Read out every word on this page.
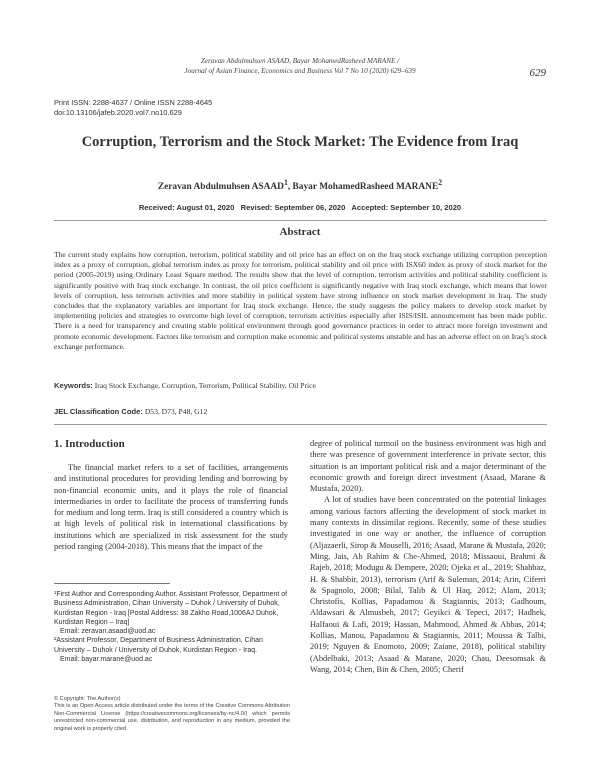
Zeravan Abdulmuhsen ASAAD, Bayar MohamedRasheed MARANE /
Journal of Asian Finance, Economics and Business Vol 7 No 10 (2020) 629–639	629
Print ISSN: 2288-4637 / Online ISSN 2288-4645
doi:10.13106/jafeb.2020.vol7.no10.629
Corruption, Terrorism and the Stock Market: The Evidence from Iraq
Zeravan Abdulmuhsen ASAAD$^1$, Bayar MohamedRasheed MARANE$^2$
Received: August 01, 2020   Revised: September 06, 2020   Accepted: September 10, 2020
Abstract
The current study explains how corruption, terrorism, political stability and oil price has an effect on on the Iraq stock exchange utilizing corruption perception index as a proxy of corruption, global terrorism index as proxy for terrorism, political stability and oil price with ISX60 index as proxy of stock market for the period (2005-2019) using Ordinary Least Square method. The results show that the level of corruption, terrorism activities and political stability coefficient is significantly positive with Iraq stock exchange. In contrast, the oil price coefficient is significantly negative with Iraq stock exchange, which means that lower levels of corruption, less terrorism activities and more stability in political system have strong influence on stock market development in Iraq. The study concludes that the explanatory variables are important for Iraq stock exchange. Hence, the study suggests the policy makers to develop stock market by implementing policies and strategies to overcome high level of corruption, terrorism activities especially after ISIS/ISIL announcement has been made public. There is a need for transparency and creating stable political environment through good governance practices in order to attract more foreign investment and promote economic development. Factors like terrorism and corruption make economic and political systems unstable and has an adverse effect on on Iraq’s stock exchange performance.
Keywords: Iraq Stock Exchange, Corruption, Terrorism, Political Stability, Oil Price
JEL Classification Code: D53, D73, P48, G12
1. Introduction

The financial market refers to a set of facilities, arrangements and institutional procedures for providing lending and borrowing by non-financial economic units, and it plays the role of financial intermediaries in order to facilitate the process of transferring funds for medium and long term. Iraq is still considered a country which is at high levels of political risk in international classifications by institutions which are specialized in risk assessment for the study period ranging (2004-2018). This means that the impact of the

degree of political turmoil on the business environment was high and there was presence of government interference in private sector, this situation is an important political risk and a major determinant of the economic growth and foreign direct investment (Asaad, Marane & Mustafa, 2020).

A lot of studies have been concentrated on the potential linkages among various factors affecting the development of stock market in many contexts in dissimilar regions. Recently, some of these studies investigated in one way or another, the influence of corruption (Aljazaerli, Sirop & Mouselli, 2016; Asaad, Marane & Mustafa, 2020; Ming, Jais, Ab Rahim & Che-Ahmed, 2018; Missaoui, Brahmi & Rajeb, 2018; Modugu & Dempere, 2020; Ojeka et al., 2019; Shahbaz, H. & Shabbir, 2013), terrorism (Arif & Suleman, 2014; Arin, Ciferri & Spagnolo, 2008; Bilal, Talib & Ul Haq, 2012; Alam, 2013; Christofis, Kollias, Papadamou & Stagiannis, 2013; Gadhoum, Aldawsari & Almusbeh, 2017; Geyikci & Tepeci, 2017; Hadhek, Halfaoui & Lafi, 2019; Hassan, Mahmood, Ahmed & Abbas, 2014; Kollias, Manou, Papadamou & Stagiannis, 2011; Moussa & Talbi, 2019; Nguyen & Enomoto, 2009; Zaiane, 2018), political stability (Abdelbaki, 2013; Asaad & Marane, 2020; Chau, Deesomsak & Wang, 2014; Chen, Bin & Chen, 2005; Cherif

¹First Author and Corresponding Author. Assistant Professor, Department of Business Administration, Cihan University – Duhok / University of Duhok, Kurdistan Region - Iraq [Postal Address: 38 Zakho Road,1006AJ Duhok, Kurdistan Region – Iraq]

Email: zeravan.asaad@uod.ac

²Assistant Professor, Department of Business Administration, Cihan University – Duhok / University of Duhok, Kurdistan Region - Iraq.

Email: bayar.marane@uod.ac

© Copyright: The Author(s)

This is an Open Access article distributed under the terms of the Creative Commons Attribution Non-Commercial License (https://creativecommons.org/licenses/by-nc/4.0/) which permits unrestricted non-commercial use, distribution, and reproduction in any medium, provided the original work is properly cited.
